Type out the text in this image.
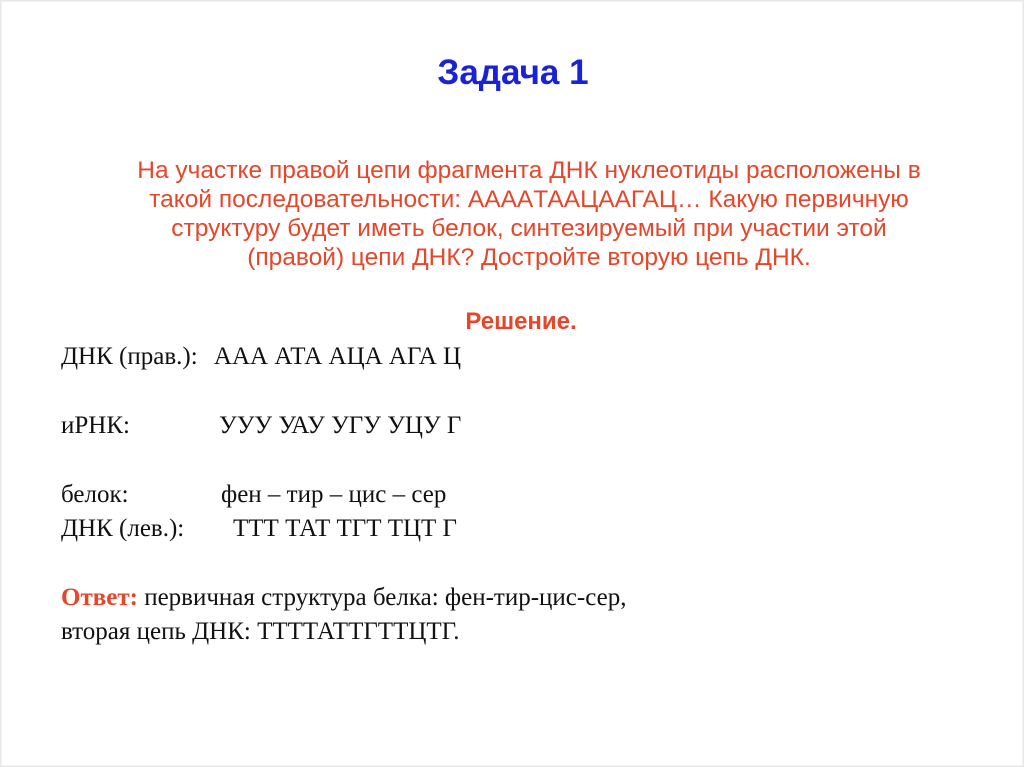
Задача 1
На участке правой цепи фрагмента ДНК нуклеотиды расположены в
такой последовательности: АААAТААЦААГАЦ… Какую первичную
структуру будет иметь белок, синтезируемый при участии этой
(правой) цепи ДНК? Достройте вторую цепь ДНК.
Решение.
ДНК (прав.): ААА АТА АЦА АГА Ц
иРНК:	УУУ УАУ УГУ УЦУ Г
белок:	фен – тир – цис – сер
ДНК (лев.): ТТТ ТАТ ТГТ ТЦТ Г
Ответ: первичная структура белка: фен-тир-цис-сер,
вторая цепь ДНК: ТТТТАТТГТТЦТГ.
